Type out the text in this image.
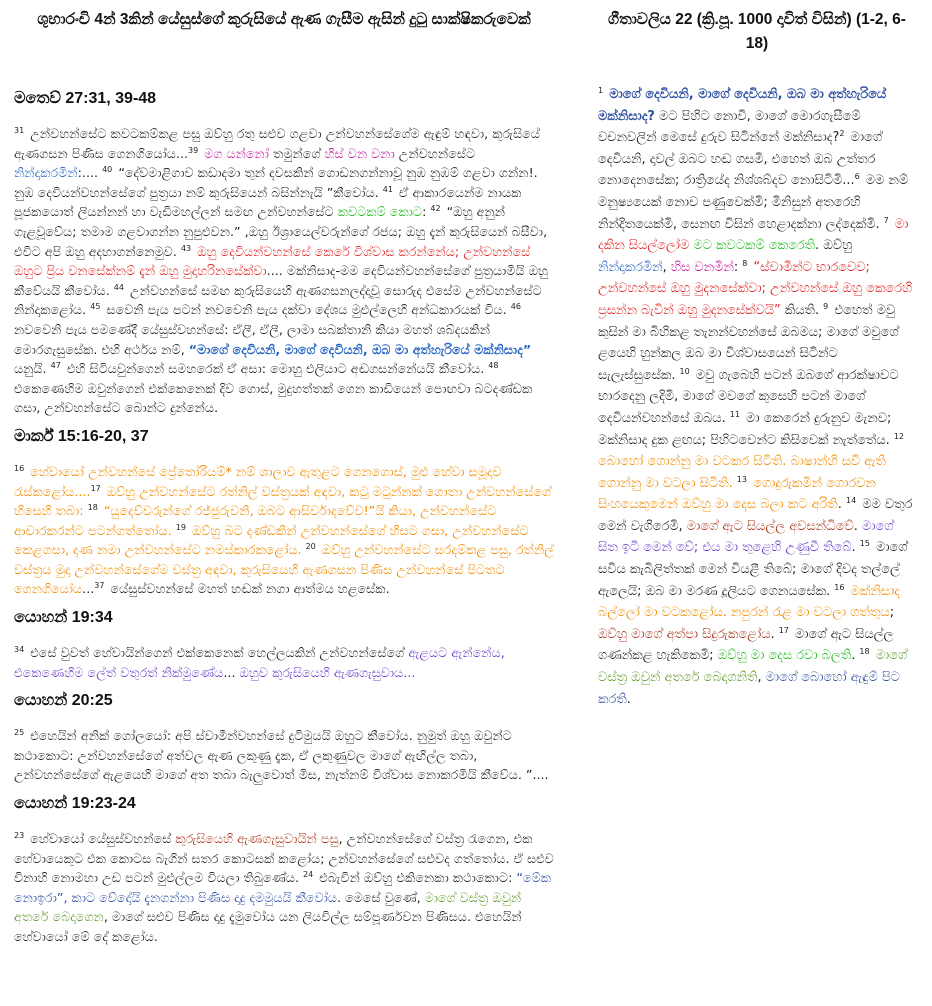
ශුභාරංචි 4න් 3කින් යේසුස්ගේ කුරුසියේ ඇණ ගැසීම ඇසින් දුටු සාක්ෂිකරුවෙක්
මතෙව් 27:31, 39-48

$^{31}$ උන්වහන්සේට කවටකම්කළ පසු ඔව්හු රතු සළුව ගළවා උන්වහන්සේගේම ඇඳුම් හඳවා, කුරුසියේ ඇණගසන පිණිස ගෙනගියෝය...$^{39}$ මග යන්නෝ තමුන්ගේ හිස් වන වනා උන්වහන්සේට නින්දාකරමින්:.... $^{40}$ “දේවමාළිගාව කඩාදමා තුන් දවසකින් ගොඩනගන්නාවූ නුඹ නුඹම් ගළවා ගන්න!. නුඹ දෙවියන්වහන්සේගේ පුත්‍රයා නම් කුරුසියෙන් බසින්නැයි ”කීවෝය. $^{41}$ ඒ ආකාරයෙන්ම නායක පූජකයොත් ලියන්නන් හා වැඩිමහල්ලන් සමඟ උන්වහන්සේට කවටකම් කොට: $^{42}$ “ඔහු අනුන් ගැළවූවේය; තමාම ගළවාගන්න නුපුළුවන.” ,ඔහු ඊශ්‍රායෙල්වරුන්ගේ රජය; ඔහු දැන් කුරුසියෙන් බසීවා, එවිට අපි ඔහු අදහාගන්නෙමුව. $^{43}$ ඔහු දෙවියන්වහන්සේ කෙරේ විශ්වාස කරන්නේය; උන්වහන්සේ ඔහුට ප්‍රිය වනසේක්නම් දැන් ඔහු මුදාහරිනසේක්වා.... මක්නිසාද-මම දෙවියන්වහන්සේගේ පුත්‍රයාමියි ඔහු කීවේයයි කීවෝය. $^{44}$ උන්වහන්සේ සමඟ කුරුසියෙහි ඇණගසනලද්දාවූ සොරුද එසේම උන්වහන්සේට නින්දාකළෝය. $^{45}$ සවෙනි පැය පටන් නවවෙනි පැය දක්වා දේශය මුළුල්ලෙහි අන්ධකාරයක් විය. $^{46}$ නවවෙනි පැය පමණේදී යේසුස්වහන්සේ: ඒලී, ඒලී, ලාමා සබක්තානි කියා මහත් ශබ්දයකින් මොරගැසුසේක. එහි අර්ථය නම්, “මාගේ දෙවියනි, මාගේ දෙවියනි, ඔබ මා අත්හැරියේ මක්නිසාද” යනුයි. $^{47}$ එහි සිටියවුන්ගෙන් සමහරෙක් ඒ අසා: මොහු එලියාට අඬගසන්නේයයි කීවෝය. $^{48}$ එකෙණෙහිම ඔවුන්ගෙන් එක්කෙනෙක් දිව ගොස්, මුදුහත්තක් ගෙන කාඩියෙන් පොඟවා බටදණ්ඩක ගසා, උන්වහන්සේට බොන්ට දුන්නේය.

මාර්ක් 15:16-20, 37

$^{16}$ හේවායෝ උන්වහන්සේ ප්‍රේතෝරියම්* නම් ශාලාව ඇතුළට ගෙනගොස්, මුළු හේවා සමූදාව රැස්කළෝය....$^{17}$ ඔව්හු උන්වහන්සේට රත්නිල් වස්ත්‍රයක් අඳවා, කටු මටුන්නක් ගොතා උන්වහන්සේගේ හිසෙහි තබා: $^{18}$ “යුදෙව්වරුන්ගේ රජ්ජුරුවනි, ඔබට ආසිර්වාදවේව!”යි කියා, උන්වහන්සේට ආචාරකරන්ට පටන්ගත්තෝය. $^{19}$ ඔව්හු බට දණ්ඩකින් උන්වහන්සේගේ හිසට ගසා, උන්වහන්සේට කෙළගසා, දණ නමා උන්වහන්සේට නමස්කාරකළෝය. $^{20}$ ඔව්හු උන්වහන්සේට සරදම්කළ පසු, රත්නිල් වස්ත්‍රය මුදා උන්වහන්සේගේම වස්ත්‍ර අඳවා, කුරුසියෙහි ඇණගසන පිණිස උන්වහන්සේ පිටතට ගෙනගියෝය...$^{37}$ යේසුස්වහන්සේ මහත් හඬක් නගා ආත්මය හළසේක.

යොහන් 19:34

$^{34}$ එසේ වුවත් හේවායින්ගෙන් එක්කෙනෙක් හෙල්ලයකින් උන්වහන්සේගේ ඇළයට ඇන්නේය, එකෙණෙහිම ලේත් වතුරත් නික්මුණේය... ඔහුව කුරුසියෙහි ඇණගැසුවාය...

යොහන් 20:25

$^{25}$ එහෙයින් අනික් ගෝලයෝ: අපි ස්වාමීන්වහන්සේ දුටිමුයයි ඔහුට කීවෝය. නුමුත් ඔහු ඔවුන්ට කථාකොට: උන්වහන්සේගේ අත්වල ඇණ ලකුණු දැක, ඒ ලකුණුවල මාගේ ඇඟිල්ල තබා, උන්වහන්සේගේ ඇළයෙහි මාගේ අත තබා බැලුවොත් මිස, නැත්නම් විශ්වාස නොකරමියි කීවේය. ”....

යොහන් 19:23-24

$^{23}$ හේවායෝ යේසුස්වහන්සේ කුරුසියෙහි ඇණගැසුවායින් පසු, උන්වහන්සේගේ වස්ත්‍ර රැගෙන, එක හේවායෙකුට එක කොටස බැගින් සතර කොටසක් කළෝය; උන්වහන්සේගේ සළුවද ගත්තෝය. ඒ සළුව විනාහි නොමහා උඩ පටන් මුළුල්ලම වියලා තිබුණේය. $^{24}$ එබැවින් ඔව්හු එකිනෙකා කථාකොට: “මේක නොඉරා”, කාට වේදෝයි දැනගන්නා පිණිස දාදු දමමුයයි කීවෝය. මෙසේ වුණේ, මාගේ වස්ත්‍ර ඔවුන් අතරේ බෙදාගෙන, මාගේ සළුව පිණිස දාදු දැමුවෝය යන ලියවිල්ල සම්පූර්ණවන පිණිසය. එහෙයින් හේවායෝ මේ දේ කළෝය.

ගීතාවලිය 22 (ක්‍රි.පූ. 1000 දාවිත් විසින්) (1-2, 6-18)

$^1$ මාගේ දෙවියනි, මාගේ දෙවියනි, ඔබ මා අත්හැරියේ මක්නිසාද? මට පිහිට නොවී, මාගේ මොරගැසීමේ වචනවලින් මෙසේ දුරුව සිටින්නේ මක්නිසාද?$^2$ මාගේ දෙවියනි, දාවල් ඔබට හඬ ගසමි, එහෙත් ඔබ උත්තර නොදෙනසේක; රාත්‍රියේද නිශ්ශබ්දව නොසිටිමි...$^6$ මම නම් මනුෂ්‍යයෙක් නොව පණුවෙක්මි; මිනිසුන් අතරෙහි නින්දිතයෙක්මි, සෙනඟ විසින් හෙළාදක්නා ලද්දෙක්මි. $^7$ මා දකින සියල්ලෝම මට කවටකම් කෙරෙති. ඔව්හු නින්දාකරමින්, හිස වනමින්: $^8$ “ස්වාමීන්ට භාරවෙව; උන්වහන්සේ ඔහු මුදනසේක්වා; උන්වහන්සේ ඔහු කෙරෙහි ප්‍රසන්න බැවින් ඔහු මුදනසේක්වයි” කියති. $^9$ එහෙත් මවු කුසින් මා බිහිකළ තැනන්වහන්සේ ඔබමය; මාගේ මවුගේ ළයෙහි හුන්කල ඔබ මා විශ්වාසයෙන් සිටින්ට සැලැස්සුසේක. $^{10}$ මවු ගැබෙහි පටන් ඔබගේ ආරක්ෂාවට භාරදෙනු ලදිමි, මාගේ මවගේ කුසෙහි පටන් මාගේ දෙවියන්වහන්සේ ඔබය. $^{11}$ මා කෙරෙන් දුරුනුව මැනව; මක්නිසාද දුක ළඟය; පිහිටවෙන්ට කිසිවෙක් නැත්තේය. $^{12}$ බොහෝ ගොන්නු මා වටකර සිටිති. බාෂාන්හි සවි ඇති ගොන්නු මා වටලා සිටිති. $^{13}$ ගොදුරුකමින් ගොරවන සිංහයෙකුමෙන් ඔව්හු මා දෙස බලා කට අරිති. $^{14}$ මම වතුර මෙන් වැගිරෙමි, මාගේ ඇට සියල්ල අවසන්ධිවේ. මාගේ සිත ඉටි මෙන් වේ; එය මා තුළෙහි උණුවී තිබේ. $^{15}$ මාගේ සවිය කැබිලිත්තක් මෙන් වියළී තිබේ; මාගේ දිවද තල්ලේ ඇලෙයි; ඔබ මා මරණ දූලියට ගෙනයසේක. $^{16}$ මක්නිසාද බල්ලෝ මා වටකළෝය. නපුරන් රැළ මා වටලා ගත්තුය; ඔව්හු මාගේ අත්පා සිදුරුකළෝය. $^{17}$ මාගේ ඇට සියල්ල ගණන්කළ හැකිකෙමි; ඔව්හු මා දෙස රවා බලති. $^{18}$ මාගේ වස්ත්‍ර ඔවුන් අතරේ බෙදාගනිති, මාගේ බොහෝ ඇඳුම් පිට කරති.
